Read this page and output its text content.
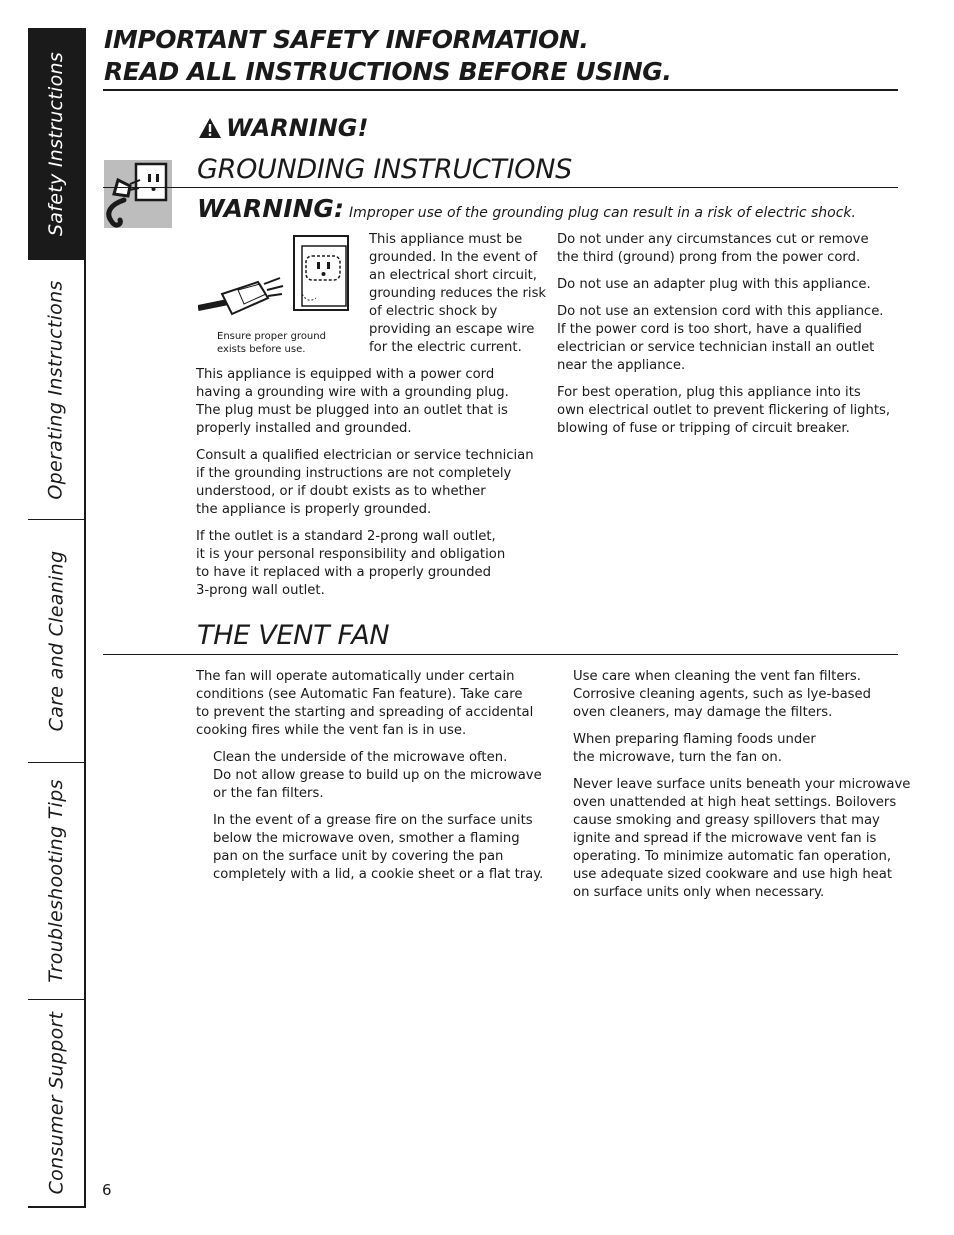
Safety Instructions
Operating Instructions
Care and Cleaning
Troubleshooting Tips
Consumer Support
IMPORTANT SAFETY INFORMATION.
READ ALL INSTRUCTIONS BEFORE USING.
WARNING!
GROUNDING INSTRUCTIONS
WARNING: Improper use of the grounding plug can result in a risk of electric shock.
Ensure proper ground exists before use.

This appliance must be
grounded. In the event of
an electrical short circuit,
grounding reduces the risk
of electric shock by
providing an escape wire
for the electric current.

This appliance is equipped with a power cord
having a grounding wire with a grounding plug.
The plug must be plugged into an outlet that is
properly installed and grounded.

Consult a qualified electrician or service technician
if the grounding instructions are not completely
understood, or if doubt exists as to whether
the appliance is properly grounded.

If the outlet is a standard 2-prong wall outlet,
it is your personal responsibility and obligation
to have it replaced with a properly grounded
3-prong wall outlet.

Do not under any circumstances cut or remove
the third (ground) prong from the power cord.

Do not use an adapter plug with this appliance.

Do not use an extension cord with this appliance.
If the power cord is too short, have a qualified
electrician or service technician install an outlet
near the appliance.

For best operation, plug this appliance into its
own electrical outlet to prevent flickering of lights,
blowing of fuse or tripping of circuit breaker.

THE VENT FAN

The fan will operate automatically under certain
conditions (see Automatic Fan feature). Take care
to prevent the starting and spreading of accidental
cooking fires while the vent fan is in use.

Clean the underside of the microwave often.
Do not allow grease to build up on the microwave
or the fan filters.

In the event of a grease fire on the surface units
below the microwave oven, smother a flaming
pan on the surface unit by covering the pan
completely with a lid, a cookie sheet or a flat tray.

Use care when cleaning the vent fan filters.
Corrosive cleaning agents, such as lye-based
oven cleaners, may damage the filters.

When preparing flaming foods under
the microwave, turn the fan on.

Never leave surface units beneath your microwave
oven unattended at high heat settings. Boilovers
cause smoking and greasy spillovers that may
ignite and spread if the microwave vent fan is
operating. To minimize automatic fan operation,
use adequate sized cookware and use high heat
on surface units only when necessary.

6
